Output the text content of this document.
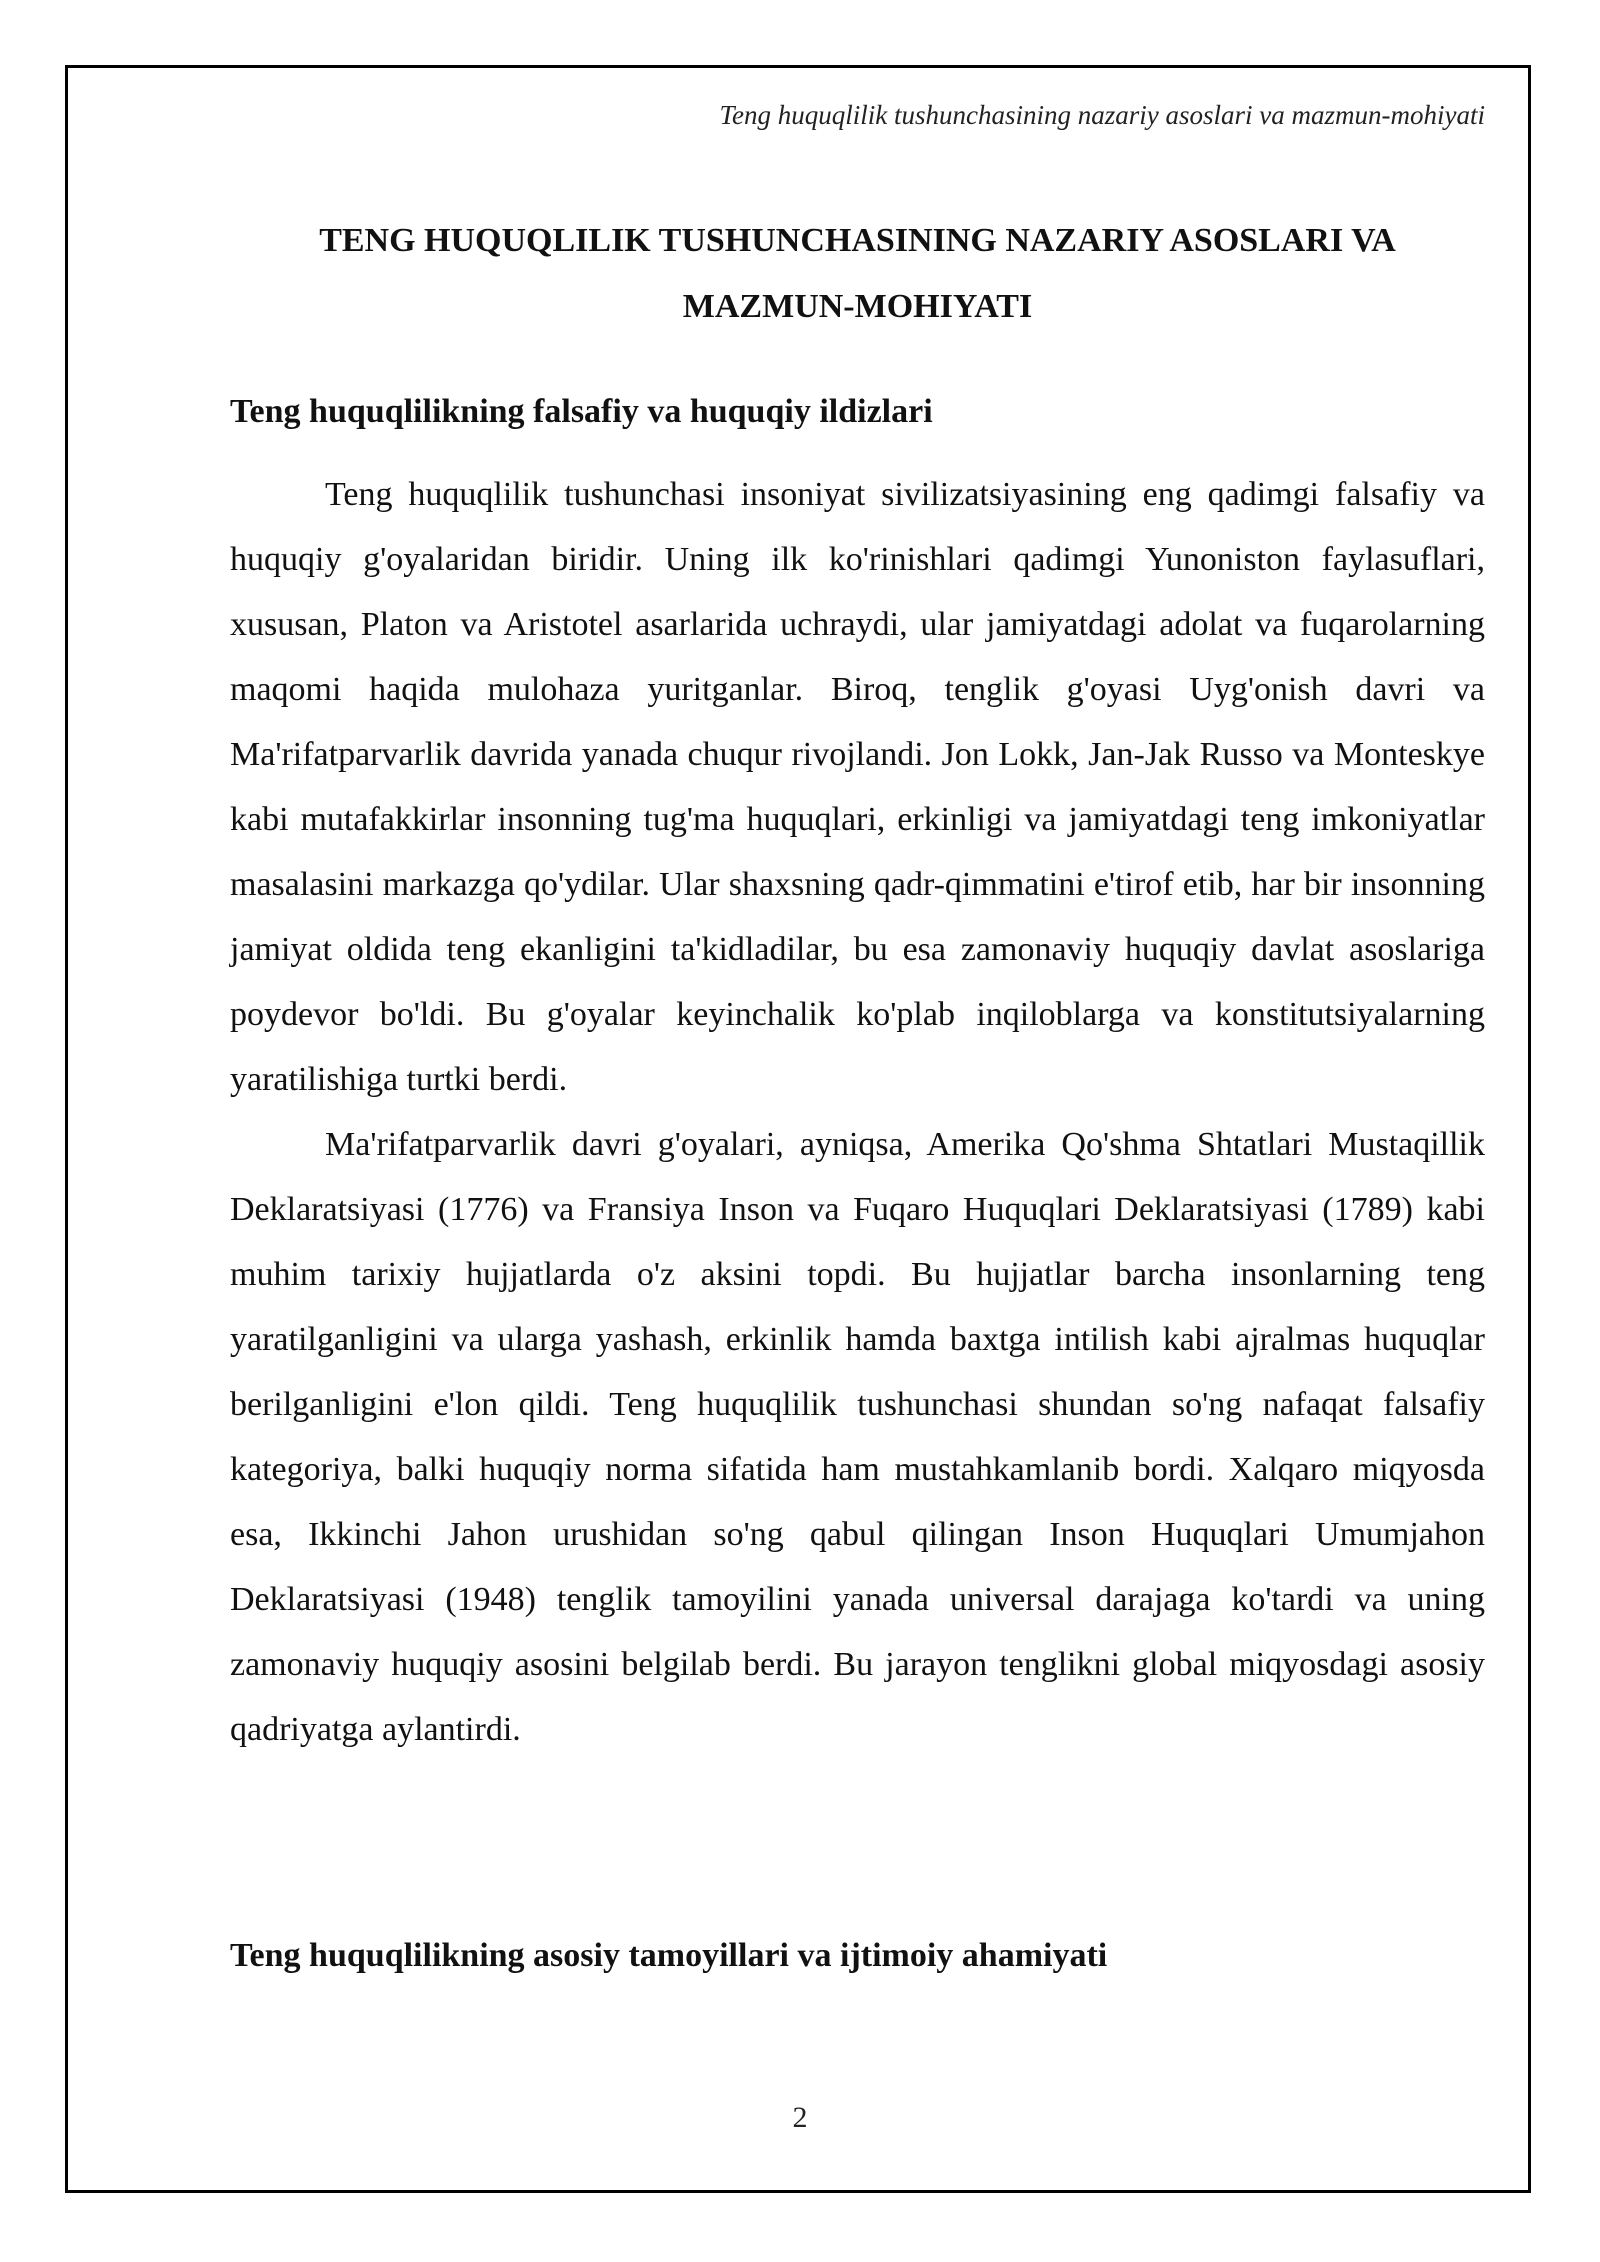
Teng huquqlilik tushunchasining nazariy asoslari va mazmun-mohiyati
TENG HUQUQLILIK TUSHUNCHASINING NAZARIY ASOSLARI VA MAZMUN-MOHIYATI
Teng huquqlilikning falsafiy va huquqiy ildizlari

Teng huquqlilik tushunchasi insoniyat sivilizatsiyasining eng qadimgi falsafiy va huquqiy g'oyalaridan biridir. Uning ilk ko'rinishlari qadimgi Yunoniston faylasuflari, xususan, Platon va Aristotel asarlarida uchraydi, ular jamiyatdagi adolat va fuqarolarning maqomi haqida mulohaza yuritganlar. Biroq, tenglik g'oyasi Uyg'onish davri va Ma'rifatparvarlik davrida yanada chuqur rivojlandi. Jon Lokk, Jan-Jak Russo va Monteskye kabi mutafakkirlar insonning tug'ma huquqlari, erkinligi va jamiyatdagi teng imkoniyatlar masalasini markazga qo'ydilar. Ular shaxsning qadr-qimmatini e'tirof etib, har bir insonning jamiyat oldida teng ekanligini ta'kidladilar, bu esa zamonaviy huquqiy davlat asoslariga poydevor bo'ldi. Bu g'oyalar keyinchalik ko'plab inqiloblarga va konstitutsiyalarning yaratilishiga turtki berdi.

Ma'rifatparvarlik davri g'oyalari, ayniqsa, Amerika Qo'shma Shtatlari Mustaqillik Deklaratsiyasi (1776) va Fransiya Inson va Fuqaro Huquqlari Deklaratsiyasi (1789) kabi muhim tarixiy hujjatlarda o'z aksini topdi. Bu hujjatlar barcha insonlarning teng yaratilganligini va ularga yashash, erkinlik hamda baxtga intilish kabi ajralmas huquqlar berilganligini e'lon qildi. Teng huquqlilik tushunchasi shundan so'ng nafaqat falsafiy kategoriya, balki huquqiy norma sifatida ham mustahkamlanib bordi. Xalqaro miqyosda esa, Ikkinchi Jahon urushidan so'ng qabul qilingan Inson Huquqlari Umumjahon Deklaratsiyasi (1948) tenglik tamoyilini yanada universal darajaga ko'tardi va uning zamonaviy huquqiy asosini belgilab berdi. Bu jarayon tenglikni global miqyosdagi asosiy qadriyatga aylantirdi.

Teng huquqlilikning asosiy tamoyillari va ijtimoiy ahamiyati
2
